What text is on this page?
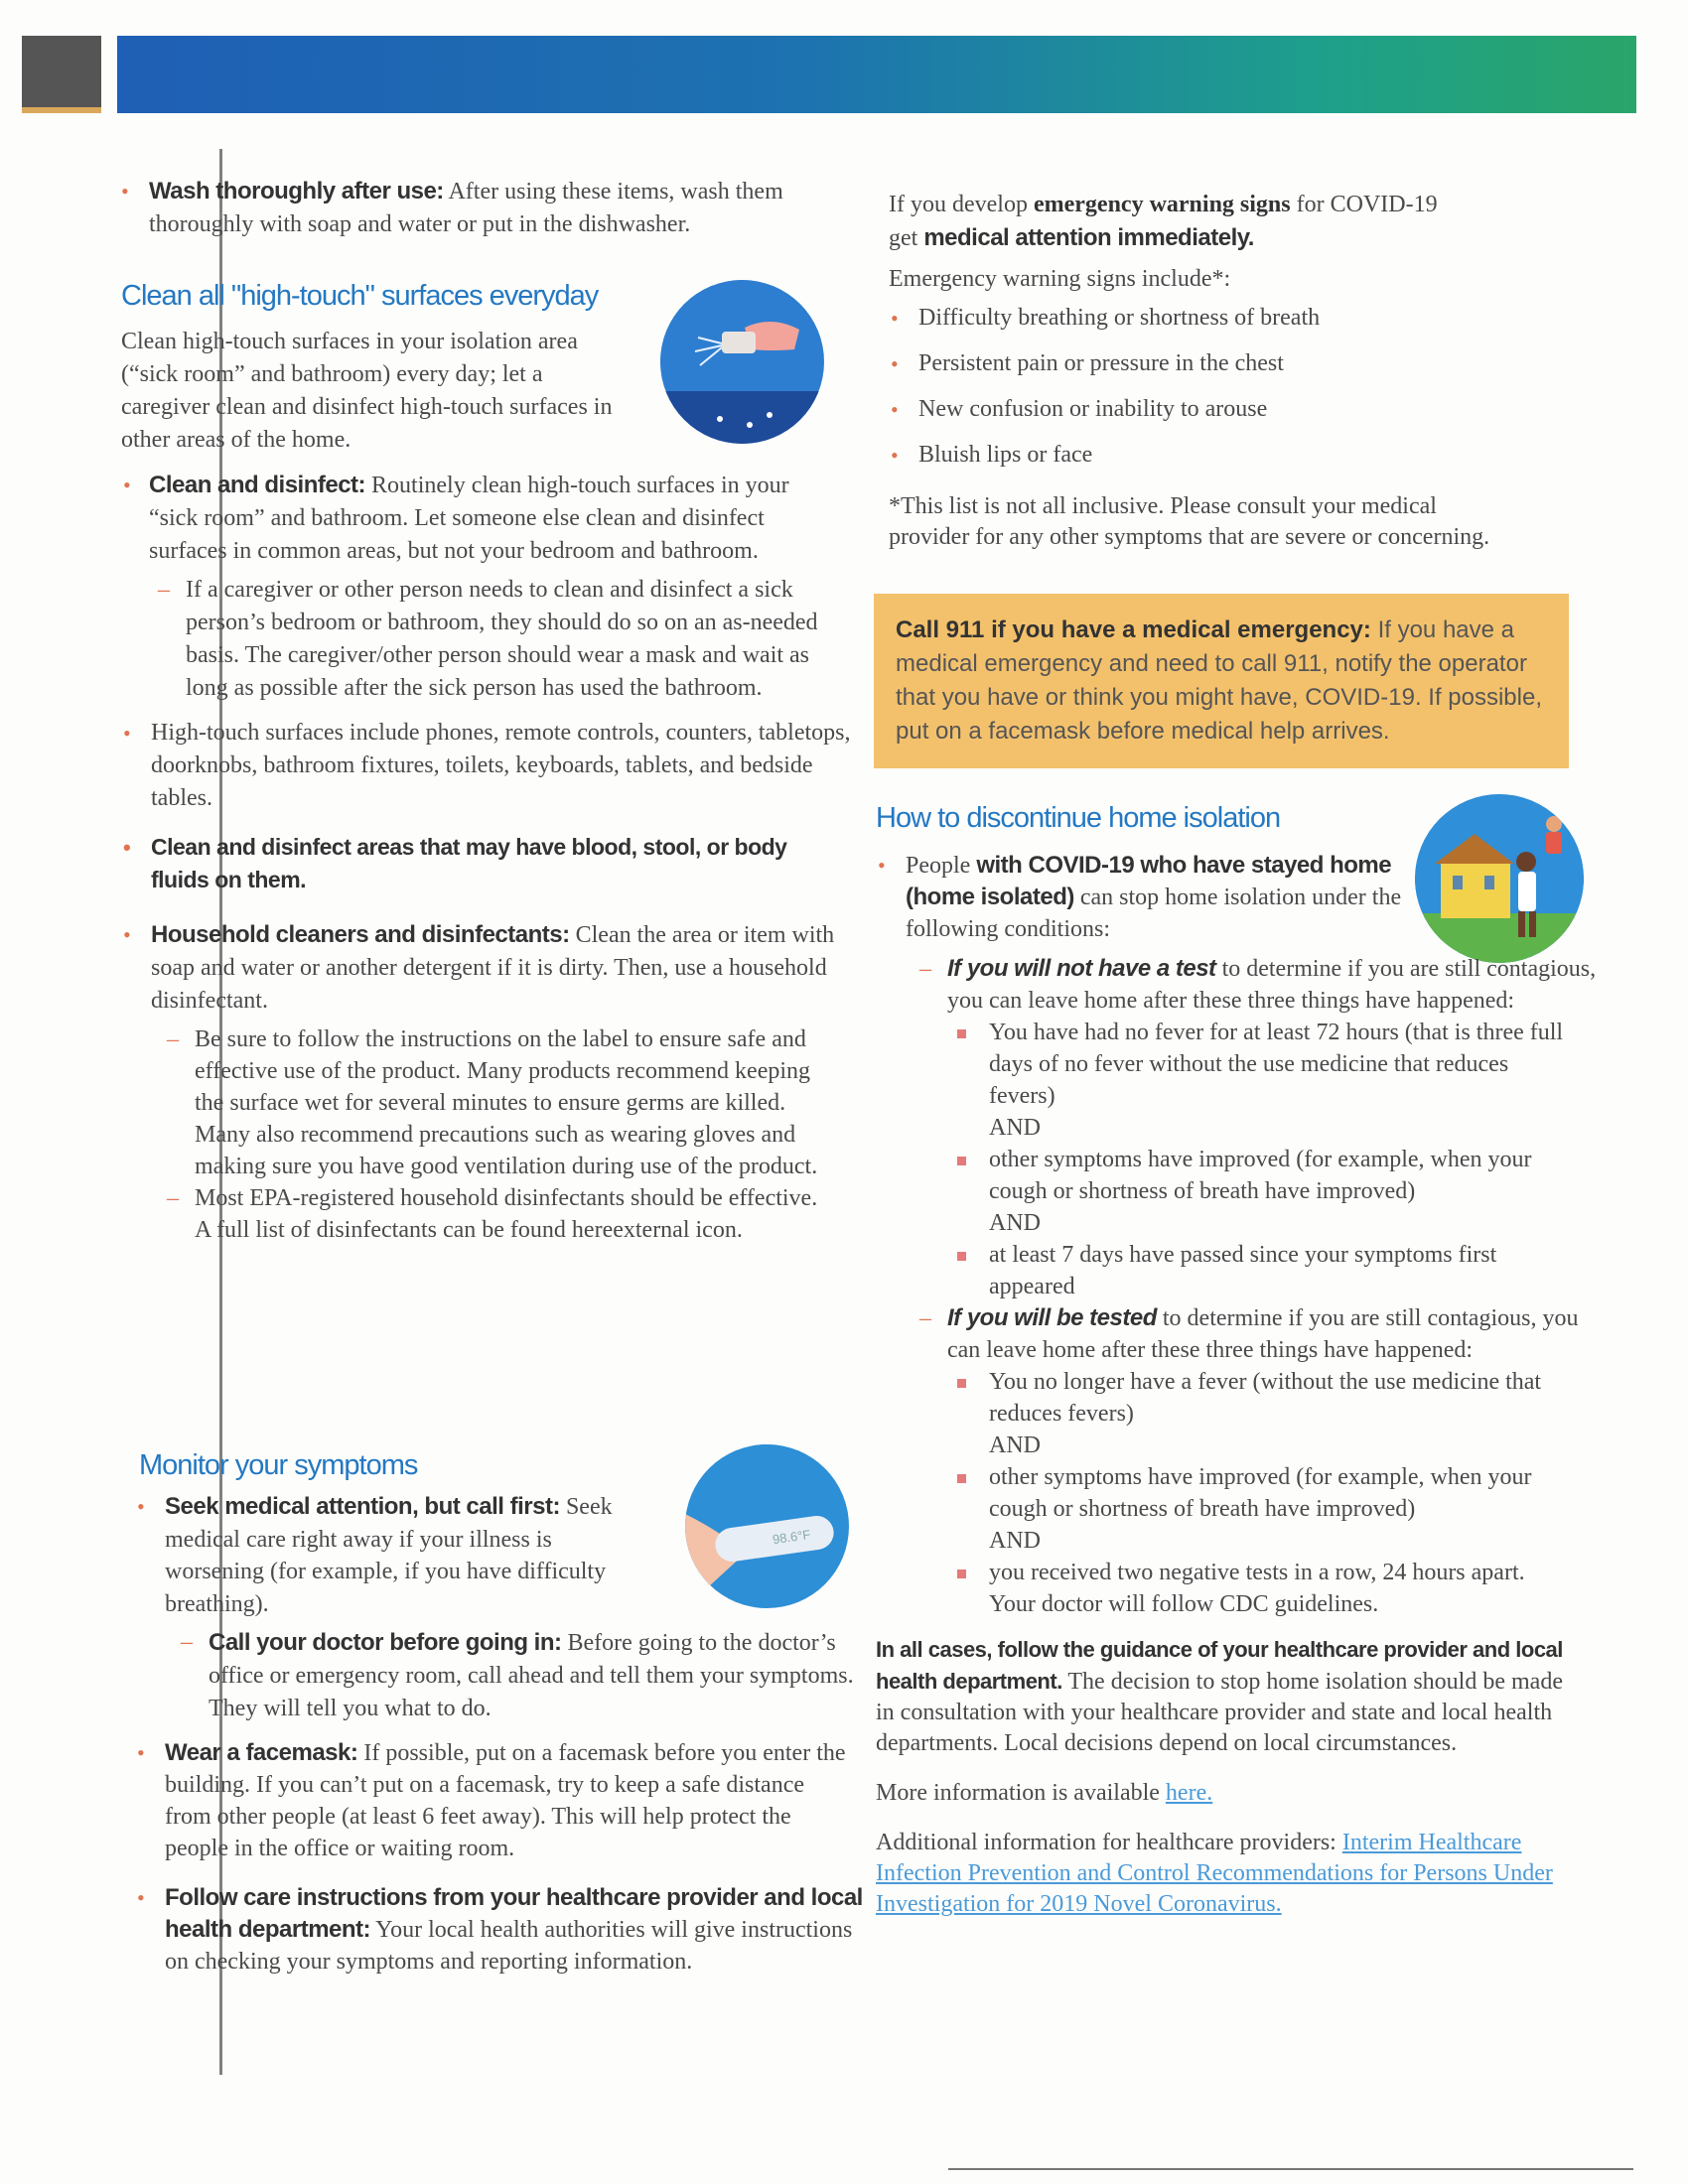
• Wash thoroughly after use: After using these items, wash them thoroughly with soap and water or put in the dishwasher.
Clean all "high-touch" surfaces everyday

Clean high-touch surfaces in your isolation area (“sick room” and bathroom) every day; let a caregiver clean and disinfect high-touch surfaces in other areas of the home.

• Clean and disinfect: Routinely clean high-touch surfaces in your “sick room” and bathroom. Let someone else clean and disinfect surfaces in common areas, but not your bedroom and bathroom.
– If a caregiver or other person needs to clean and disinfect a sick person’s bedroom or bathroom, they should do so on an as-needed basis. The caregiver/other person should wear a mask and wait as long as possible after the sick person has used the bathroom.
• High-touch surfaces include phones, remote controls, counters, tabletops, doorknobs, bathroom fixtures, toilets, keyboards, tablets, and bedside tables.
• Clean and disinfect areas that may have blood, stool, or body fluids on them.
• Household cleaners and disinfectants: Clean the area or item with soap and water or another detergent if it is dirty. Then, use a household disinfectant.
– Be sure to follow the instructions on the label to ensure safe and effective use of the product. Many products recommend keeping the surface wet for several minutes to ensure germs are killed. Many also recommend precautions such as wearing gloves and making sure you have good ventilation during use of the product.
– Most EPA-registered household disinfectants should be effective. A full list of disinfectants can be found hereexternal icon.
Monitor your symptoms
98.6°F
• Seek medical attention, but call first: Seek medical care right away if your illness is worsening (for example, if you have difficulty breathing).
– Call your doctor before going in: Before going to the doctor’s office or emergency room, call ahead and tell them your symptoms. They will tell you what to do.
• Wear a facemask: If possible, put on a facemask before you enter the building. If you can’t put on a facemask, try to keep a safe distance from other people (at least 6 feet away). This will help protect the people in the office or waiting room.
• Follow care instructions from your healthcare provider and local health department: Your local health authorities will give instructions on checking your symptoms and reporting information.

If you develop emergency warning signs for COVID-19

get medical attention immediately.

Emergency warning signs include*:

• Difficulty breathing or shortness of breath
• Persistent pain or pressure in the chest
• New confusion or inability to arouse
• Bluish lips or face

*This list is not all inclusive. Please consult your medical provider for any other symptoms that are severe or concerning.

Call 911 if you have a medical emergency: If you have a medical emergency and need to call 911, notify the operator that you have or think you might have, COVID-19. If possible, put on a facemask before medical help arrives.
How to discontinue home isolation
• People with COVID-19 who have stayed home (home isolated) can stop home isolation under the following conditions:
– If you will not have a test to determine if you are still contagious, you can leave home after these three things have happened:
You have had no fever for at least 72 hours (that is three full days of no fever without the use medicine that reduces fevers)
AND
other symptoms have improved (for example, when your cough or shortness of breath have improved)
AND
at least 7 days have passed since your symptoms first appeared
– If you will be tested to determine if you are still contagious, you can leave home after these three things have happened:
You no longer have a fever (without the use medicine that reduces fevers)
AND
other symptoms have improved (for example, when your cough or shortness of breath have improved)
AND
you received two negative tests in a row, 24 hours apart. Your doctor will follow CDC guidelines.

In all cases, follow the guidance of your healthcare provider and local health department. The decision to stop home isolation should be made in consultation with your healthcare provider and state and local health departments. Local decisions depend on local circumstances.

More information is available here.

Additional information for healthcare providers: Interim Healthcare Infection Prevention and Control Recommendations for Persons Under Investigation for 2019 Novel Coronavirus.
